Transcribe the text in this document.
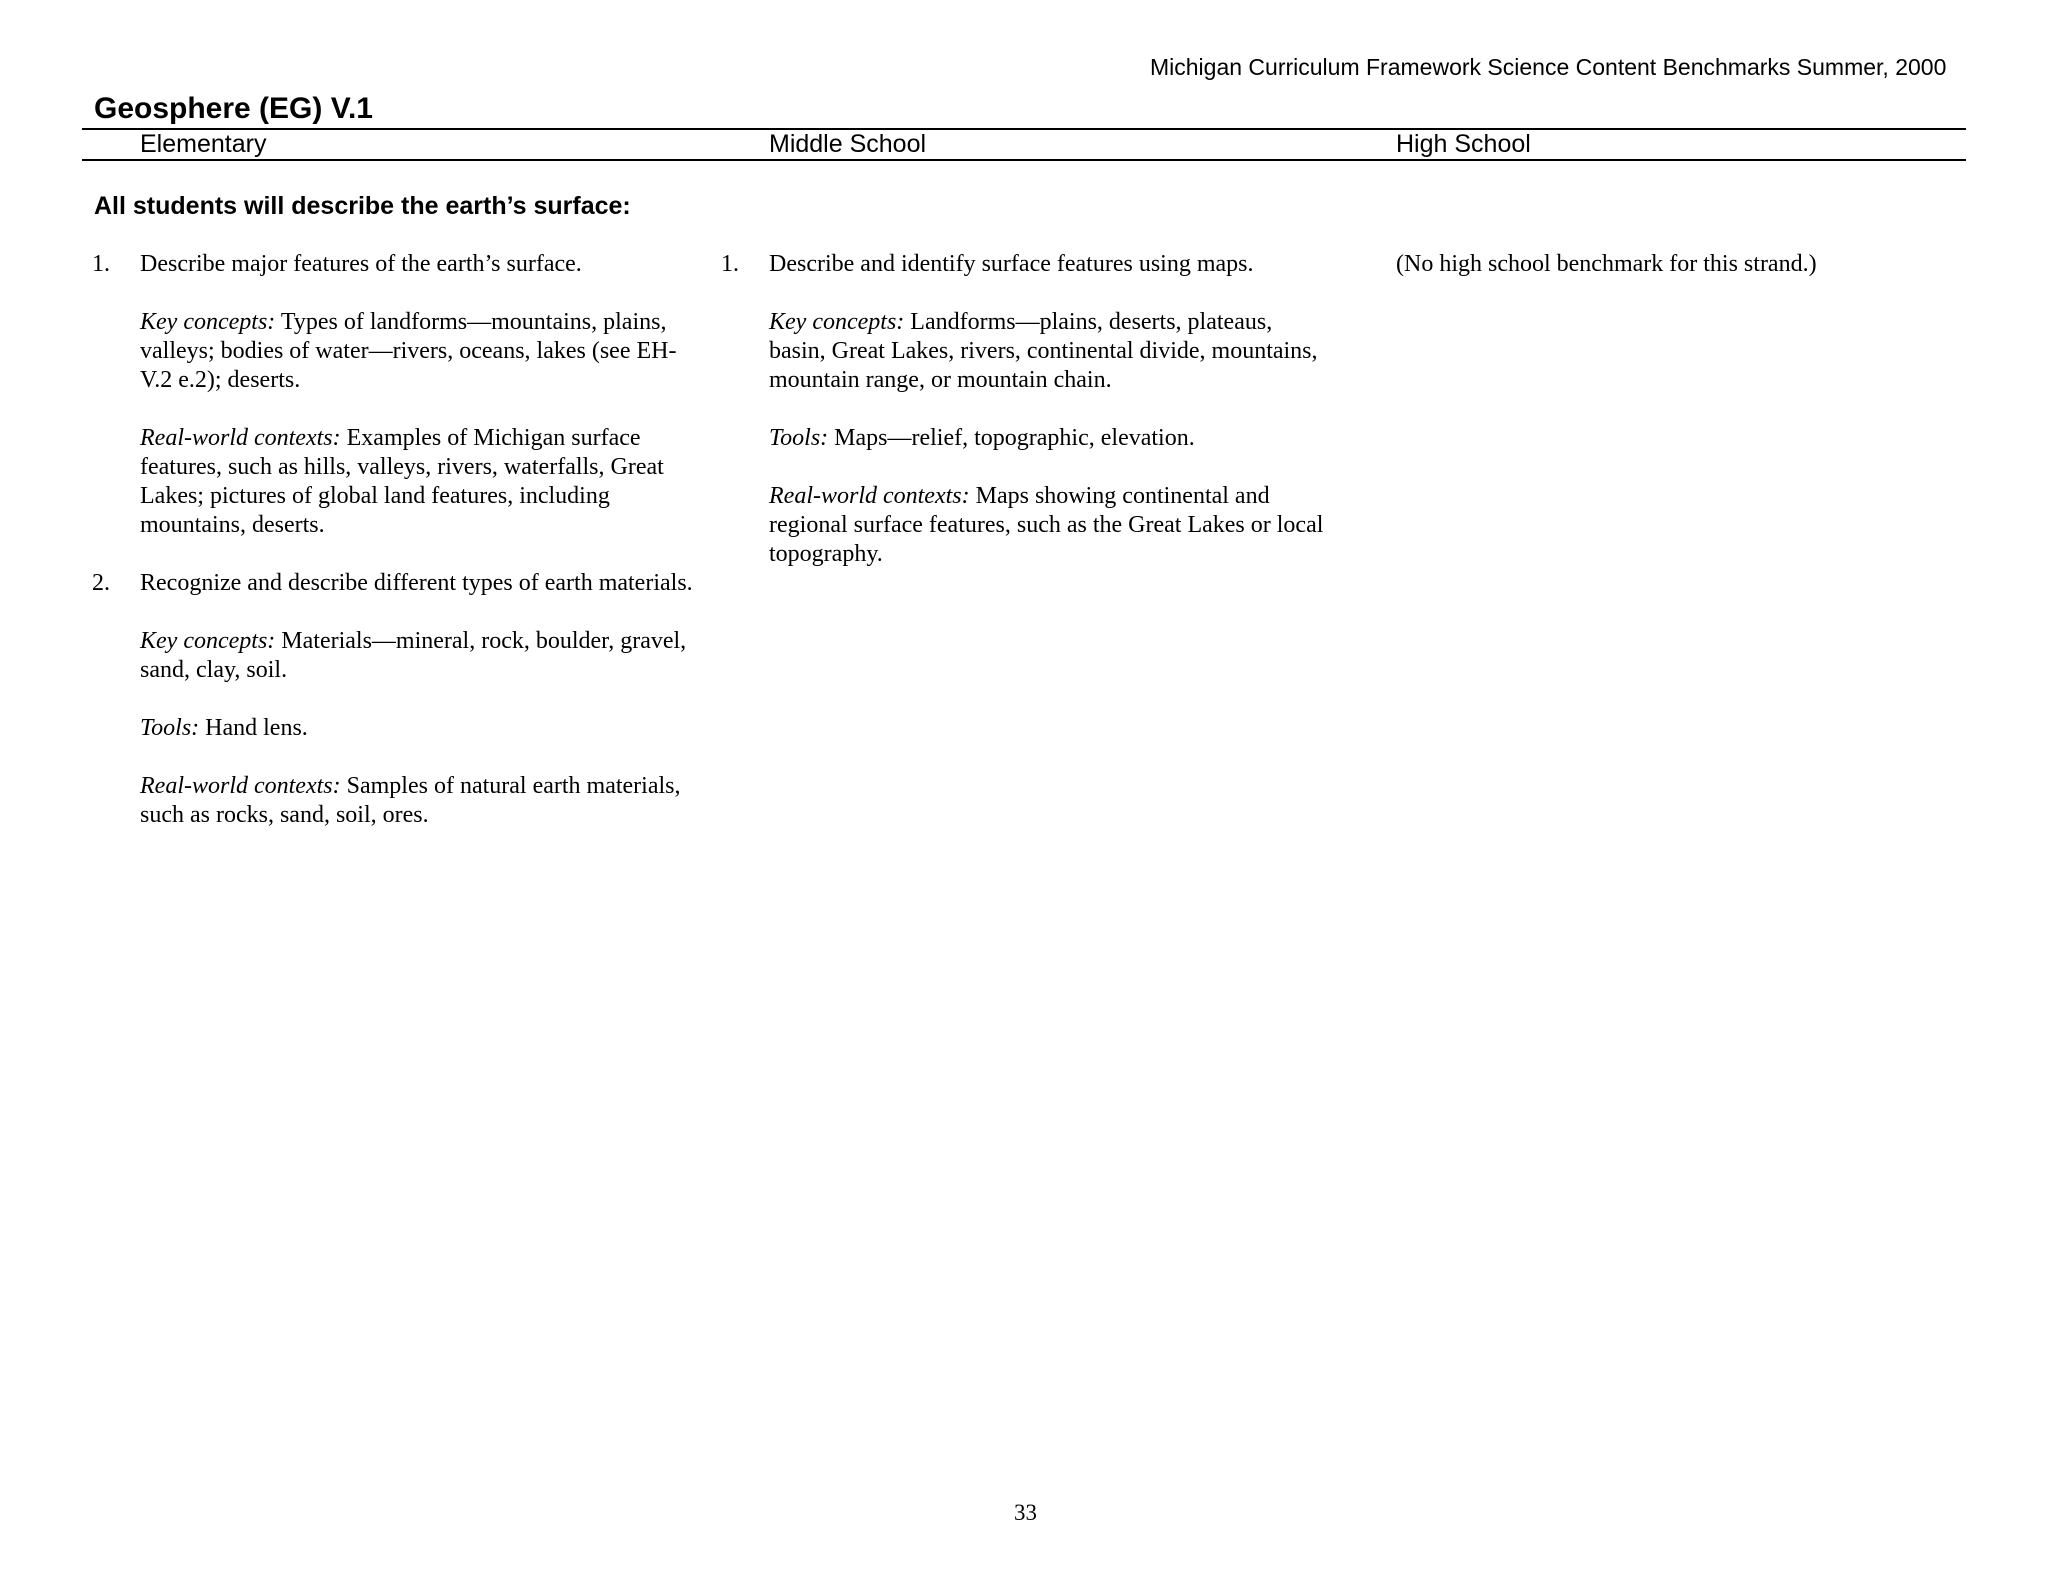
Michigan Curriculum Framework Science Content Benchmarks Summer, 2000
Geosphere (EG) V.1
Elementary	Middle School	High School
All students will describe the earth’s surface:
1. Describe major features of the earth’s surface.

Key concepts: Types of landforms—mountains, plains, valleys; bodies of water—rivers, oceans, lakes (see EH-V.2 e.2); deserts.

Real-world contexts: Examples of Michigan surface features, such as hills, valleys, rivers, waterfalls, Great Lakes; pictures of global land features, including mountains, deserts.

2. Recognize and describe different types of earth materials.

Key concepts: Materials—mineral, rock, boulder, gravel, sand, clay, soil.

Tools: Hand lens.

Real-world contexts: Samples of natural earth materials, such as rocks, sand, soil, ores.

1. Describe and identify surface features using maps.

Key concepts: Landforms—plains, deserts, plateaus, basin, Great Lakes, rivers, continental divide, mountains, mountain range, or mountain chain.

Tools: Maps—relief, topographic, elevation.

Real-world contexts: Maps showing continental and regional surface features, such as the Great Lakes or local topography.

(No high school benchmark for this strand.)
33
